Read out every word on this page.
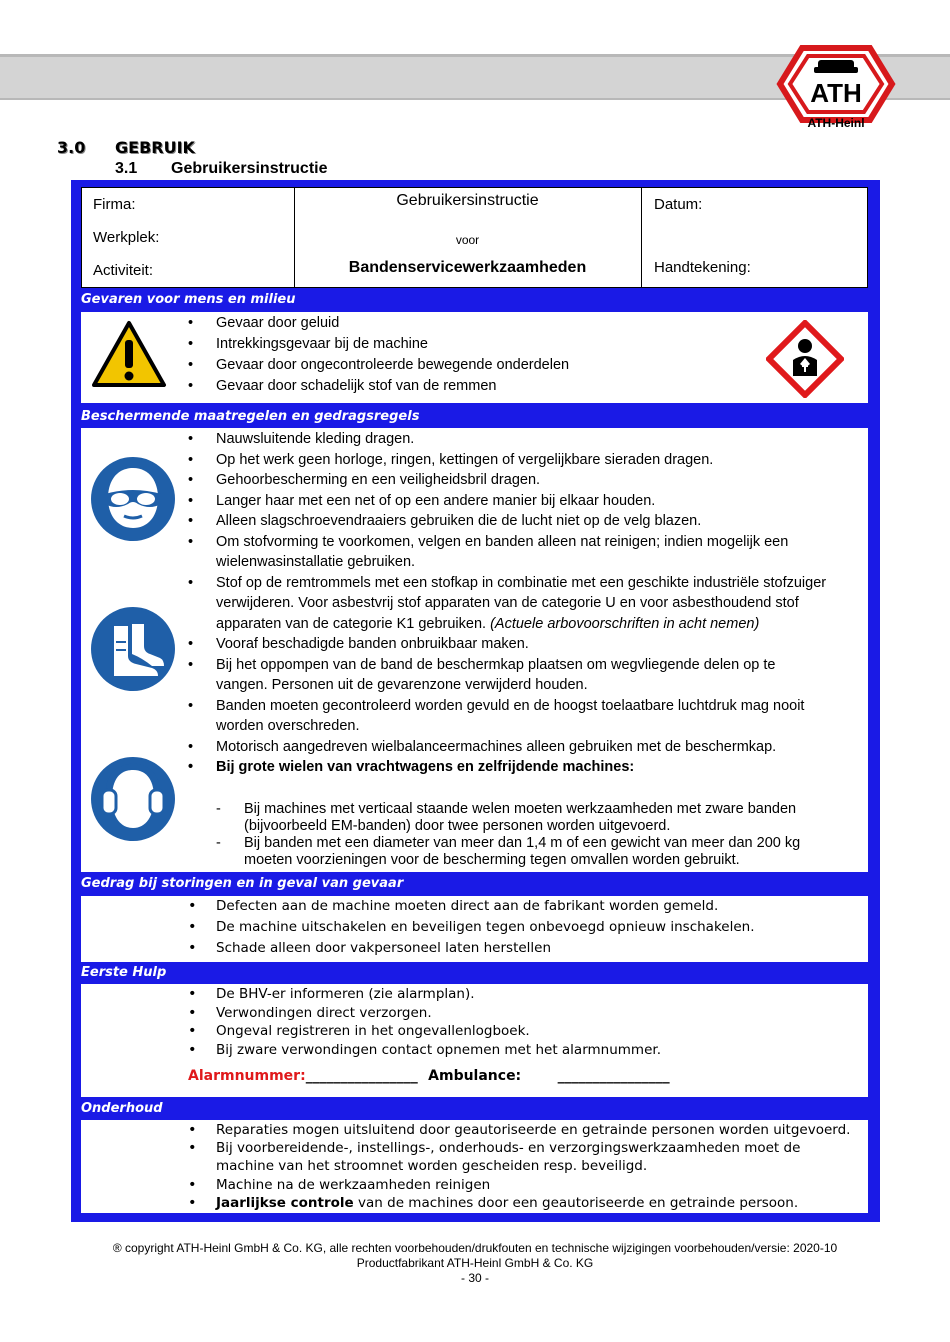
ATH
ATH-Heinl
3.0 GEBRUIK
3.1 Gebruikersinstructie
Firma:
Werkplek:
Activiteit:
Gebruikersinstructie
voor
Bandenservicewerkzaamheden
Datum:
Handtekening:
Gevaren voor mens en milieu
• Gevaar door geluid
• Intrekkingsgevaar bij de machine
• Gevaar door ongecontroleerde bewegende onderdelen
• Gevaar door schadelijk stof van de remmen
Beschermende maatregelen en gedragsregels
• Nauwsluitende kleding dragen.
• Op het werk geen horloge, ringen, kettingen of vergelijkbare sieraden dragen.
• Gehoorbescherming en een veiligheidsbril dragen.
• Langer haar met een net of op een andere manier bij elkaar houden.
• Alleen slagschroevendraaiers gebruiken die de lucht niet op de velg blazen.
• Om stofvorming te voorkomen, velgen en banden alleen nat reinigen; indien mogelijk een wielenwasinstallatie gebruiken.
• Stof op de remtrommels met een stofkap in combinatie met een geschikte industriële stofzuiger verwijderen. Voor asbestvrij stof apparaten van de categorie U en voor asbesthoudend stof apparaten van de categorie K1 gebruiken. (Actuele arbovoorschriften in acht nemen)
• Vooraf beschadigde banden onbruikbaar maken.
• Bij het oppompen van de band de beschermkap plaatsen om wegvliegende delen op te vangen. Personen uit de gevarenzone verwijderd houden.
• Banden moeten gecontroleerd worden gevuld en de hoogst toelaatbare luchtdruk mag nooit worden overschreden.
• Motorisch aangedreven wielbalanceermachines alleen gebruiken met de beschermkap.
• Bij grote wielen van vrachtwagens en zelfrijdende machines:
- Bij machines met verticaal staande welen moeten werkzaamheden met zware banden (bijvoorbeeld EM-banden) door twee personen worden uitgevoerd.
- Bij banden met een diameter van meer dan 1,4 m of een gewicht van meer dan 200 kg moeten voorzieningen voor de bescherming tegen omvallen worden gebruikt.
Gedrag bij storingen en in geval van gevaar
• Defecten aan de machine moeten direct aan de fabrikant worden gemeld.
• De machine uitschakelen en beveiligen tegen onbevoegd opnieuw inschakelen.
• Schade alleen door vakpersoneel laten herstellen
Eerste Hulp
• De BHV-er informeren (zie alarmplan).
• Verwondingen direct verzorgen.
• Ongeval registreren in het ongevallenlogboek.
• Bij zware verwondingen contact opnemen met het alarmnummer.
Alarmnummer:________________ Ambulance:	________________
Onderhoud
• Reparaties mogen uitsluitend door geautoriseerde en getrainde personen worden uitgevoerd.
• Bij voorbereidende-, instellings-, onderhouds- en verzorgingswerkzaamheden moet de machine van het stroomnet worden gescheiden resp. beveiligd.
• Machine na de werkzaamheden reinigen
• Jaarlijkse controle van de machines door een geautoriseerde en getrainde persoon.
® copyright ATH-Heinl GmbH & Co. KG, alle rechten voorbehouden/drukfouten en technische wijzigingen voorbehouden/versie: 2020-10
Productfabrikant ATH-Heinl GmbH & Co. KG
- 30 -
